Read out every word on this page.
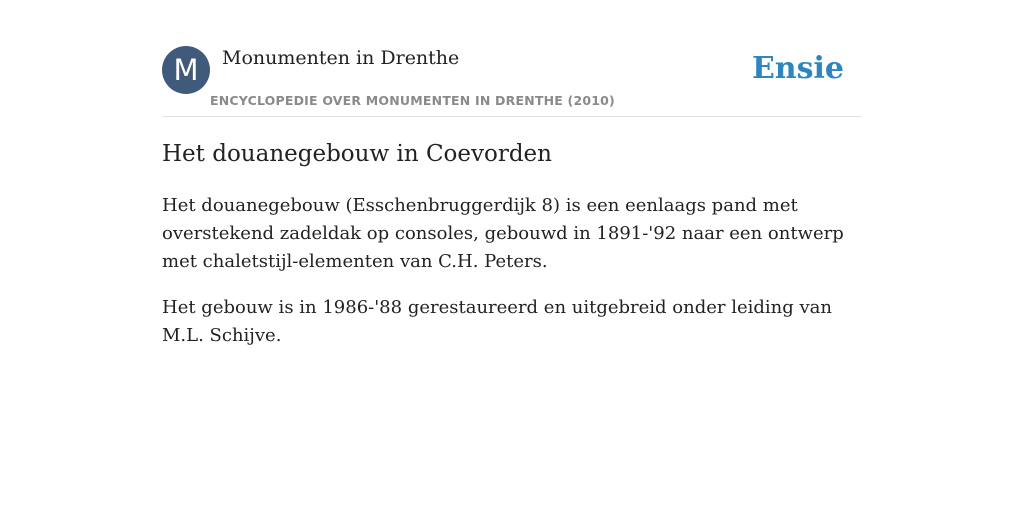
M	Monumenten in Drenthe
ENCYCLOPEDIE OVER MONUMENTEN IN DRENTHE (2010)
Ensie
Het douanegebouw in Coevorden

Het douanegebouw (Esschenbruggerdijk 8) is een eenlaags pand met overstekend zadeldak op consoles, gebouwd in 1891-'92 naar een ontwerp met chaletstijl-elementen van C.H. Peters.

Het gebouw is in 1986-'88 gerestaureerd en uitgebreid onder leiding van M.L. Schijve.
